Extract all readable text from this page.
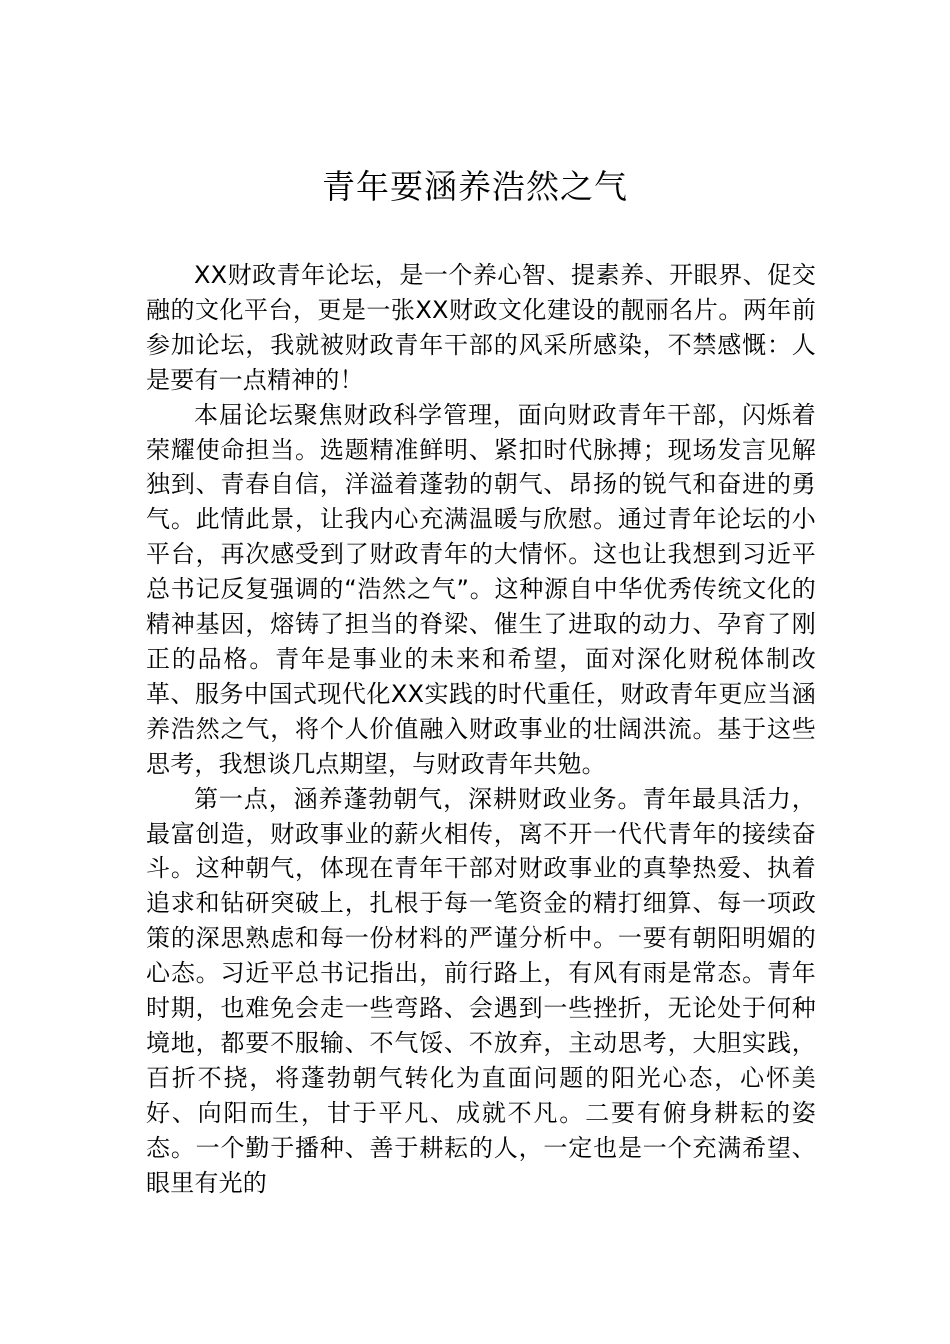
青年要涵养浩然之气

XX财政青年论坛，是一个养心智、提素养、开眼界、促交融的文化平台，更是一张XX财政文化建设的靓丽名片。两年前参加论坛，我就被财政青年干部的风采所感染，不禁感慨：人是要有一点精神的！

本届论坛聚焦财政科学管理，面向财政青年干部，闪烁着荣耀使命担当。选题精准鲜明、紧扣时代脉搏；现场发言见解独到、青春自信，洋溢着蓬勃的朝气、昂扬的锐气和奋进的勇气。此情此景，让我内心充满温暖与欣慰。通过青年论坛的小平台，再次感受到了财政青年的大情怀。这也让我想到习近平总书记反复强调的“浩然之气”。这种源自中华优秀传统文化的精神基因，熔铸了担当的脊梁、催生了进取的动力、孕育了刚正的品格。青年是事业的未来和希望，面对深化财税体制改革、服务中国式现代化XX实践的时代重任，财政青年更应当涵养浩然之气，将个人价值融入财政事业的壮阔洪流。基于这些思考，我想谈几点期望，与财政青年共勉。

第一点，涵养蓬勃朝气，深耕财政业务。青年最具活力，最富创造，财政事业的薪火相传，离不开一代代青年的接续奋斗。这种朝气，体现在青年干部对财政事业的真挚热爱、执着追求和钻研突破上，扎根于每一笔资金的精打细算、每一项政策的深思熟虑和每一份材料的严谨分析中。一要有朝阳明媚的心态。习近平总书记指出，前行路上，有风有雨是常态。青年时期，也难免会走一些弯路、会遇到一些挫折，无论处于何种境地，都要不服输、不气馁、不放弃，主动思考，大胆实践，百折不挠，将蓬勃朝气转化为直面问题的阳光心态，心怀美好、向阳而生，甘于平凡、成就不凡。二要有俯身耕耘的姿态。一个勤于播种、善于耕耘的人，一定也是一个充满希望、眼里有光的
